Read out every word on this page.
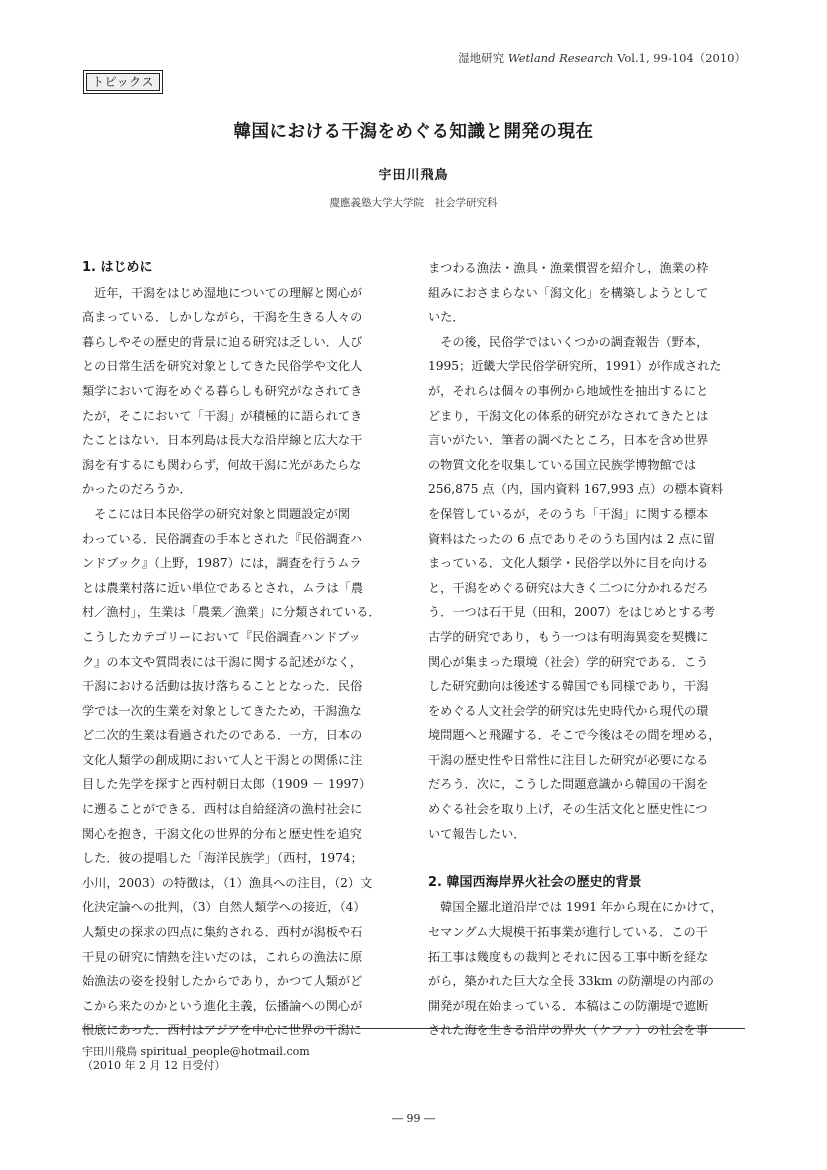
湿地研究 Wetland Research Vol.1, 99-104（2010）
トピックス
韓国における干潟をめぐる知識と開発の現在
宇田川飛鳥
慶應義塾大学大学院　社会学研究科
1. はじめに
　近年，干潟をはじめ湿地についての理解と関心が
高まっている．しかしながら，干潟を生きる人々の
暮らしやその歴史的背景に迫る研究は乏しい．人び
との日常生活を研究対象としてきた民俗学や文化人
類学において海をめぐる暮らしも研究がなされてき
たが，そこにおいて「干潟」が積極的に語られてき
たことはない．日本列島は長大な沿岸線と広大な干
潟を有するにも関わらず，何故干潟に光があたらな
かったのだろうか．
　そこには日本民俗学の研究対象と問題設定が関
わっている．民俗調査の手本とされた『民俗調査ハ
ンドブック』（上野，1987）には，調査を行うムラ
とは農業村落に近い単位であるとされ，ムラは「農
村／漁村」，生業は「農業／漁業」に分類されている．
こうしたカテゴリーにおいて『民俗調査ハンドブッ
ク』の本文や質問表には干潟に関する記述がなく，
干潟における活動は抜け落ちることとなった．民俗
学では一次的生業を対象としてきたため，干潟漁な
ど二次的生業は看過されたのである．一方，日本の
文化人類学の創成期において人と干潟との関係に注
目した先学を探すと西村朝日太郎（1909 － 1997）
に遡ることができる．西村は自給経済の漁村社会に
関心を抱き，干潟文化の世界的分布と歴史性を追究
した．彼の提唱した「海洋民族学」（西村，1974；
小川，2003）の特徴は，（1）漁具への注目，（2）文
化決定論への批判，（3）自然人類学への接近，（4）
人類史の探求の四点に集約される．西村が潟板や石
干見の研究に情熱を注いだのは，これらの漁法に原
始漁法の姿を投射したからであり，かつて人類がど
こから来たのかという進化主義，伝播論への関心が
根底にあった．西村はアジアを中心に世界の干潟に
まつわる漁法・漁具・漁業慣習を紹介し，漁業の枠
組みにおさまらない「潟文化」を構築しようとして
いた．
　その後，民俗学ではいくつかの調査報告（野本，
1995；近畿大学民俗学研究所，1991）が作成された
が，それらは個々の事例から地域性を抽出するにと
どまり，干潟文化の体系的研究がなされてきたとは
言いがたい．筆者の調べたところ，日本を含め世界
の物質文化を収集している国立民族学博物館では
256,875 点（内，国内資料 167,993 点）の標本資料
を保管しているが，そのうち「干潟」に関する標本
資料はたったの 6 点でありそのうち国内は 2 点に留
まっている．文化人類学・民俗学以外に目を向ける
と，干潟をめぐる研究は大きく二つに分かれるだろ
う．一つは石干見（田和，2007）をはじめとする考
古学的研究であり，もう一つは有明海異変を契機に
関心が集まった環境（社会）学的研究である．こう
した研究動向は後述する韓国でも同様であり，干潟
をめぐる人文社会学的研究は先史時代から現代の環
境問題へと飛躍する．そこで今後はその間を埋める，
干潟の歴史性や日常性に注目した研究が必要になる
だろう．次に，こうした問題意識から韓国の干潟を
めぐる社会を取り上げ，その生活文化と歴史性につ
いて報告したい．
2. 韓国西海岸界火社会の歴史的背景
　韓国全羅北道沿岸では 1991 年から現在にかけて，
セマングム大規模干拓事業が進行している．この干
拓工事は幾度もの裁判とそれに因る工事中断を経な
がら，築かれた巨大な全長 33km の防潮堤の内部の
開発が現在始まっている．本稿はこの防潮堤で遮断
された海を生きる沿岸の界火（ケファ）の社会を事
宇田川飛鳥 spiritual_people@hotmail.com
（2010 年 2 月 12 日受付）
― 99 ―
